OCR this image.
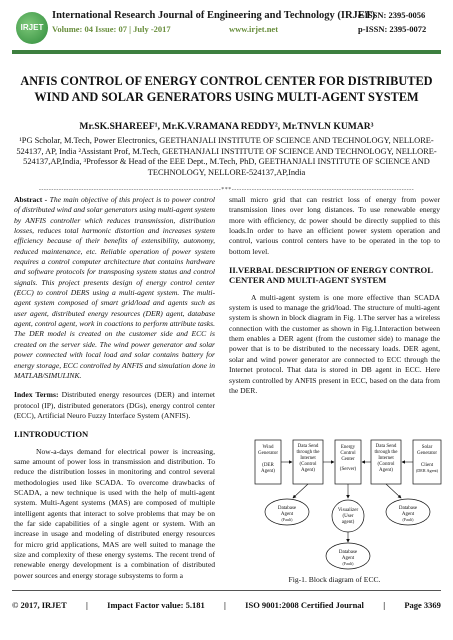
IRJET
International Research Journal of Engineering and Technology (IRJET)
Volume: 04 Issue: 07 | July -2017	www.irjet.net
e-ISSN: 2395-0056
p-ISSN: 2395-0072
ANFIS CONTROL OF ENERGY CONTROL CENTER FOR DISTRIBUTED WIND AND SOLAR GENERATORS USING MULTI-AGENT SYSTEM
Mr.SK.SHAREEF¹, Mr.K.V.RAMANA REDDY², Mr.TNVLN KUMAR³
¹PG Scholar, M.Tech, Power Electronics, GEETHANJALI INSTITUTE OF SCIENCE AND TECHNOLOGY, NELLORE-524137, AP, India ²Assistant Prof, M.Tech, GEETHANJALI INSTITUTE OF SCIENCE AND TECHNOLOGY, NELLORE-524137,AP,India, ³Professor & Head of the EEE Dept., M.Tech, PhD, GEETHANJALI INSTITUTE OF SCIENCE AND TECHNOLOGY, NELLORE-524137,AP,India
-------------------------------------------------------------------------***-------------------------------------------------------------------------

Abstract - The main objective of this project is to power control of distributed wind and solar generators using multi-agent system by ANFIS controller which reduces transmission, distribution losses, reduces total harmonic distortion and increases system efficiency because of their benefits of extensibility, autonomy, reduced maintenance, etc. Reliable operation of power system requires a control computer architecture that contains hardware and software protocols for transposing system status and control signals. This project presents design of energy control center (ECC) to control DERS using a multi-agent system. The multi-agent system composed of smart grid/load and agents such as user agent, distributed energy resources (DER) agent, database agent, control agent, work in coactions to perform attribute tasks. The DER model is created on the customer side and ECC is created on the server side. The wind power generator and solar power connected with local load and solar contains battery for energy storage, ECC controlled by ANFIS and simulation done in MATLAB/SIMULINK.

Index Terms: Distributed energy resources (DER) and internet protocol (IP), distributed generators (DGs), energy control center (ECC), Artificial Neuro Fuzzy Interface System (ANFIS).

I.INTRODUCTION

Now-a-days demand for electrical power is increasing, same amount of power loss in transmission and distribution. To reduce the distribution losses in monitoring and control several methodologies used like SCADA. To overcome drawbacks of SCADA, a new technique is used with the help of multi-agent system. Multi-Agent systems (MAS) are composed of multiple intelligent agents that interact to solve problems that may be on the far side capabilities of a single agent or system. With an increase in usage and modeling of distributed energy resources for micro grid applications, MAS are well suited to manage the size and complexity of these energy systems. The recent trend of renewable energy development is a combination of distributed power sources and energy storage subsystems to form a

small micro grid that can restrict loss of energy from power transmission lines over long distances. To use renewable energy more with efficiency, dc power should be directly supplied to this loads.In order to have an efficient power system operation and control, various control centers have to be operated in the top to bottom level.

II.VERBAL DESCRIPTION OF ENERGY CONTROL CENTER AND MULTI-AGENT SYSTEM

A multi-agent system is one more effective than SCADA system is used to manage the grid/load. The structure of multi-agent system is shown in block diagram in Fig. 1.The server has a wireless connection with the customer as shown in Fig.1.Interaction between them enables a DER agent (from the customer side) to manage the power that is to be distributed to the necessary loads. DER agent, solar and wind power generator are connected to ECC through the Internet protocol. That data is stored in DB agent in ECC. Here system controlled by ANFIS present in ECC, based on the data from the DER.

Wind
Generator
(DER
Agent)
Data Send
through the
Internet
(Control
Agent)
Energy
Control
Center
(Server)
Data Send
through the
Internet
(Control
Agent)
Solar
Generator
Client
(DER Agent)
Database
Agent
(Fault)
Visualizer
(User
agent)
Database
Agent
(Fault)
Database
Agent
(Fault)
Fig-1. Block diagram of ECC.
© 2017, IRJET | Impact Factor value: 5.181 | ISO 9001:2008 Certified Journal | Page 3369
